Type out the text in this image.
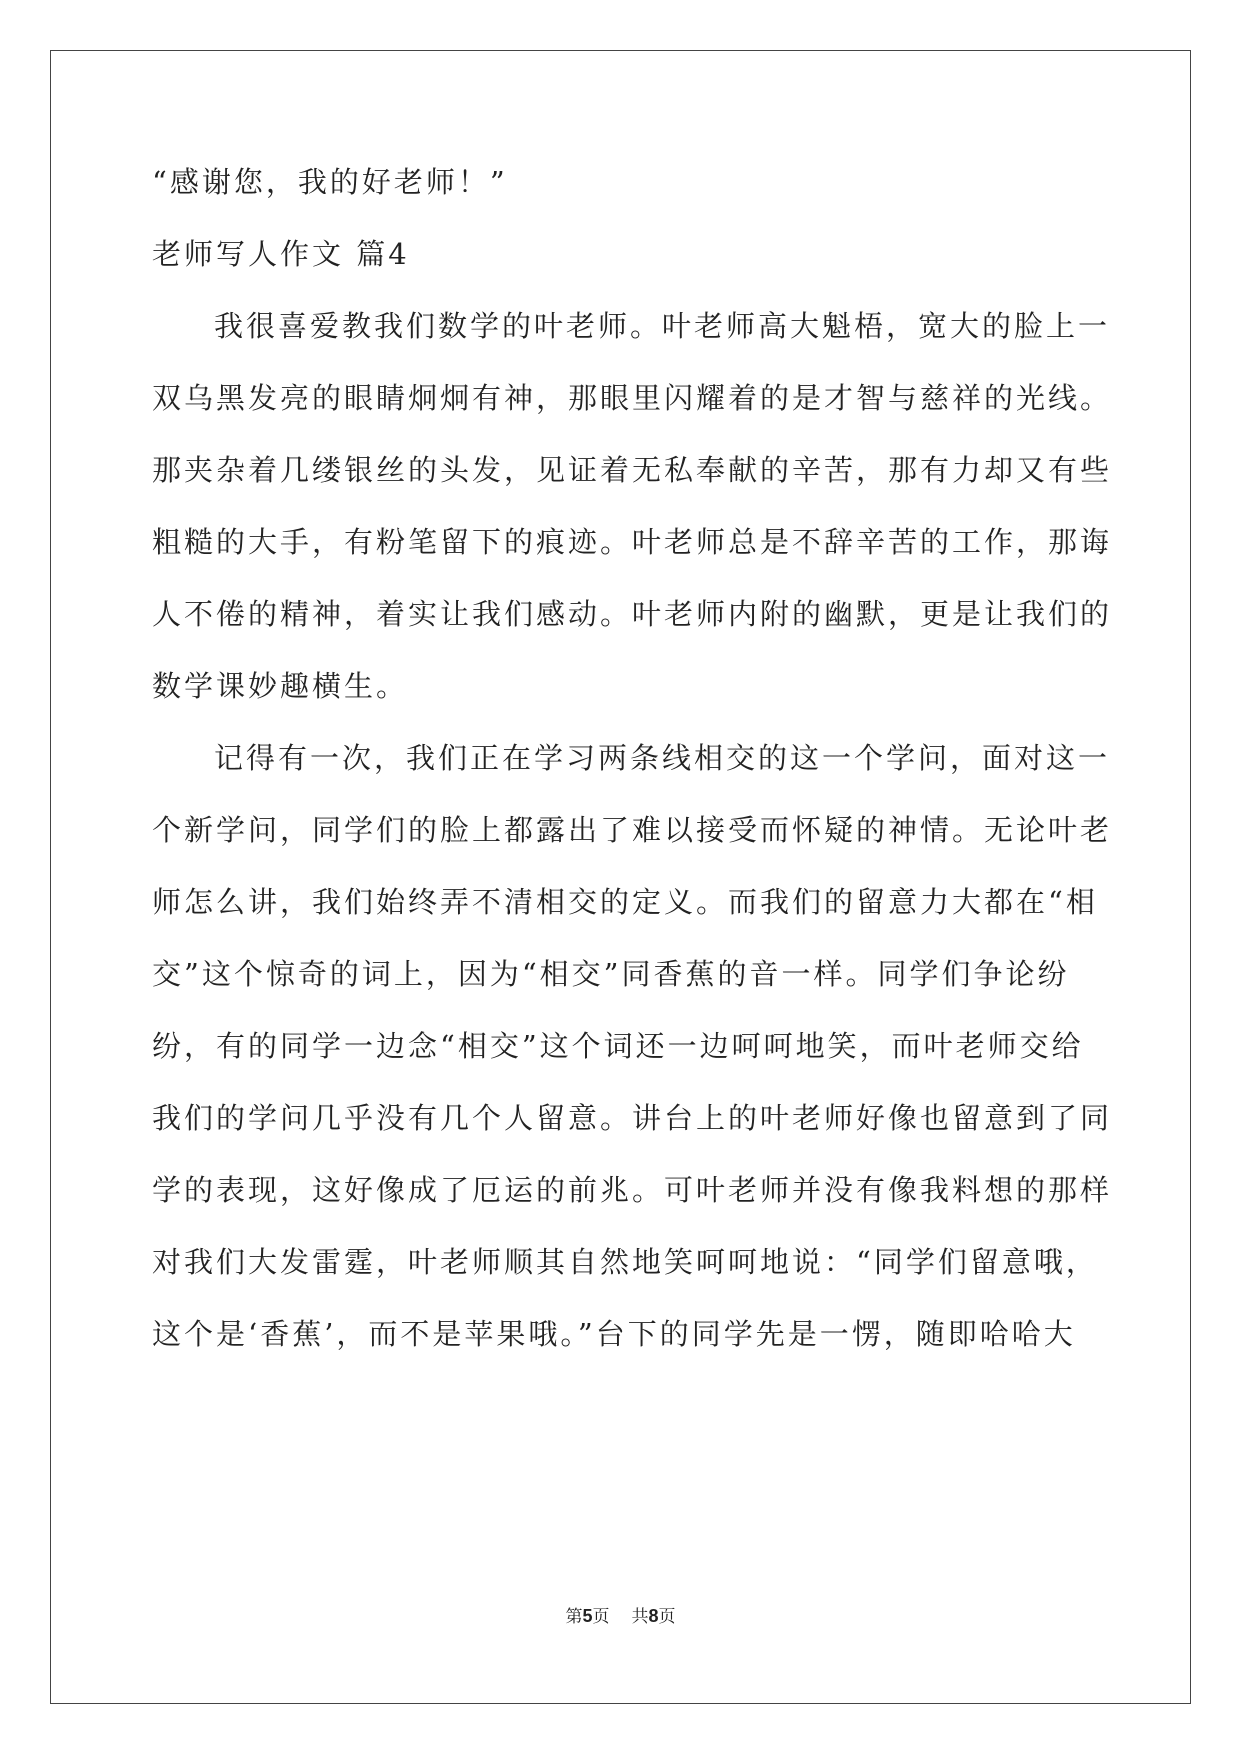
“感谢您，我的好老师！”
老师写人作文 篇4
我很喜爱教我们数学的叶老师。叶老师高大魁梧，宽大的脸上一
双乌黑发亮的眼睛炯炯有神，那眼里闪耀着的是才智与慈祥的光线。
那夹杂着几缕银丝的头发，见证着无私奉献的辛苦，那有力却又有些
粗糙的大手，有粉笔留下的痕迹。叶老师总是不辞辛苦的工作，那诲
人不倦的精神，着实让我们感动。叶老师内附的幽默，更是让我们的
数学课妙趣横生。
记得有一次，我们正在学习两条线相交的这一个学问，面对这一
个新学问，同学们的脸上都露出了难以接受而怀疑的神情。无论叶老
师怎么讲，我们始终弄不清相交的定义。而我们的留意力大都在“相
交”这个惊奇的词上，因为“相交”同香蕉的音一样。同学们争论纷
纷，有的同学一边念“相交”这个词还一边呵呵地笑，而叶老师交给
我们的学问几乎没有几个人留意。讲台上的叶老师好像也留意到了同
学的表现，这好像成了厄运的前兆。可叶老师并没有像我料想的那样
对我们大发雷霆，叶老师顺其自然地笑呵呵地说：“同学们留意哦，
这个是‘香蕉’，而不是苹果哦。”台下的同学先是一愣，随即哈哈大
第5页 共8页
